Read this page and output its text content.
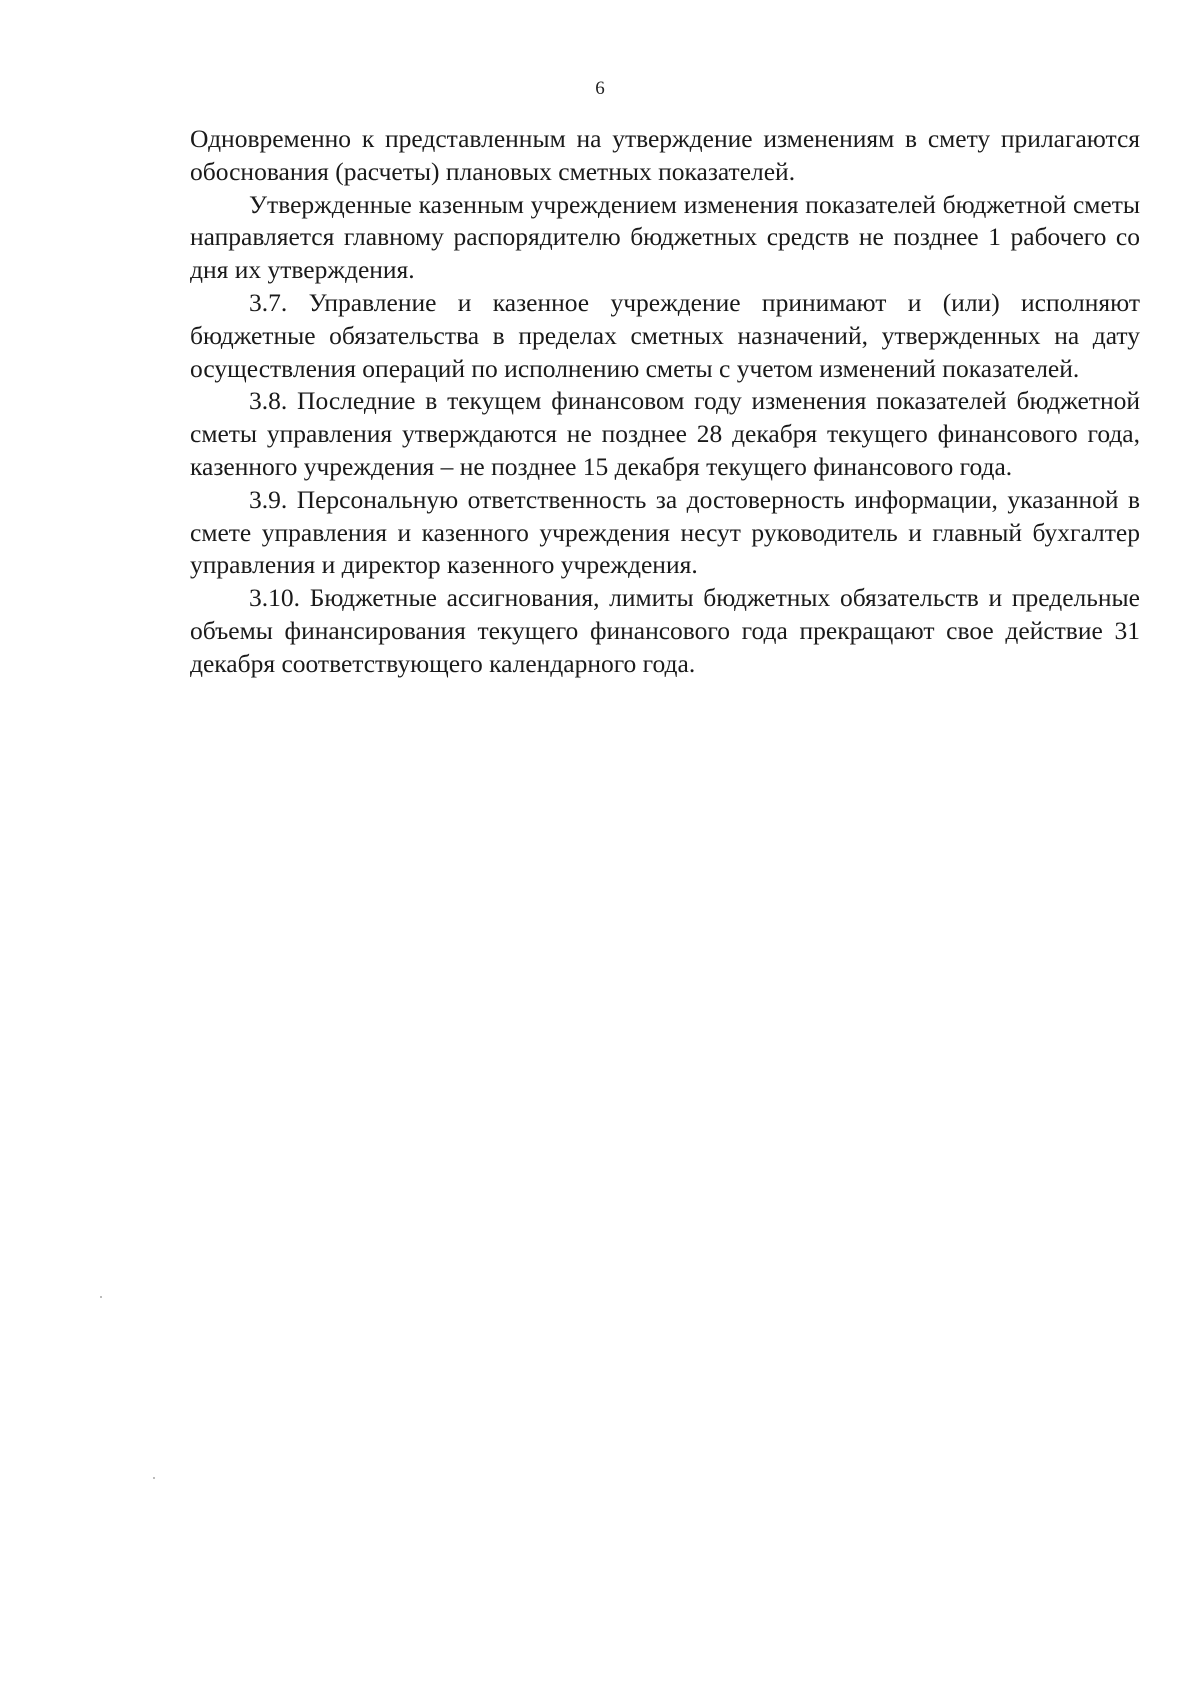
6

Одновременно к представленным на утверждение изменениям в смету прилагаются обоснования (расчеты) плановых сметных показателей.

Утвержденные казенным учреждением изменения показателей бюджетной сметы направляется главному распорядителю бюджетных средств не позднее 1 рабочего со дня их утверждения.

3.7. Управление и казенное учреждение принимают и (или) исполняют бюджетные обязательства в пределах сметных назначений, утвержденных на дату осуществления операций по исполнению сметы с учетом изменений показателей.

3.8. Последние в текущем финансовом году изменения показателей бюджетной сметы управления утверждаются не позднее 28 декабря текущего финансового года, казенного учреждения – не позднее 15 декабря текущего финансового года.

3.9. Персональную ответственность за достоверность информации, указанной в смете управления и казенного учреждения несут руководитель и главный бухгалтер управления и директор казенного учреждения.

3.10. Бюджетные ассигнования, лимиты бюджетных обязательств и предельные объемы финансирования текущего финансового года прекращают свое действие 31 декабря соответствующего календарного года.
